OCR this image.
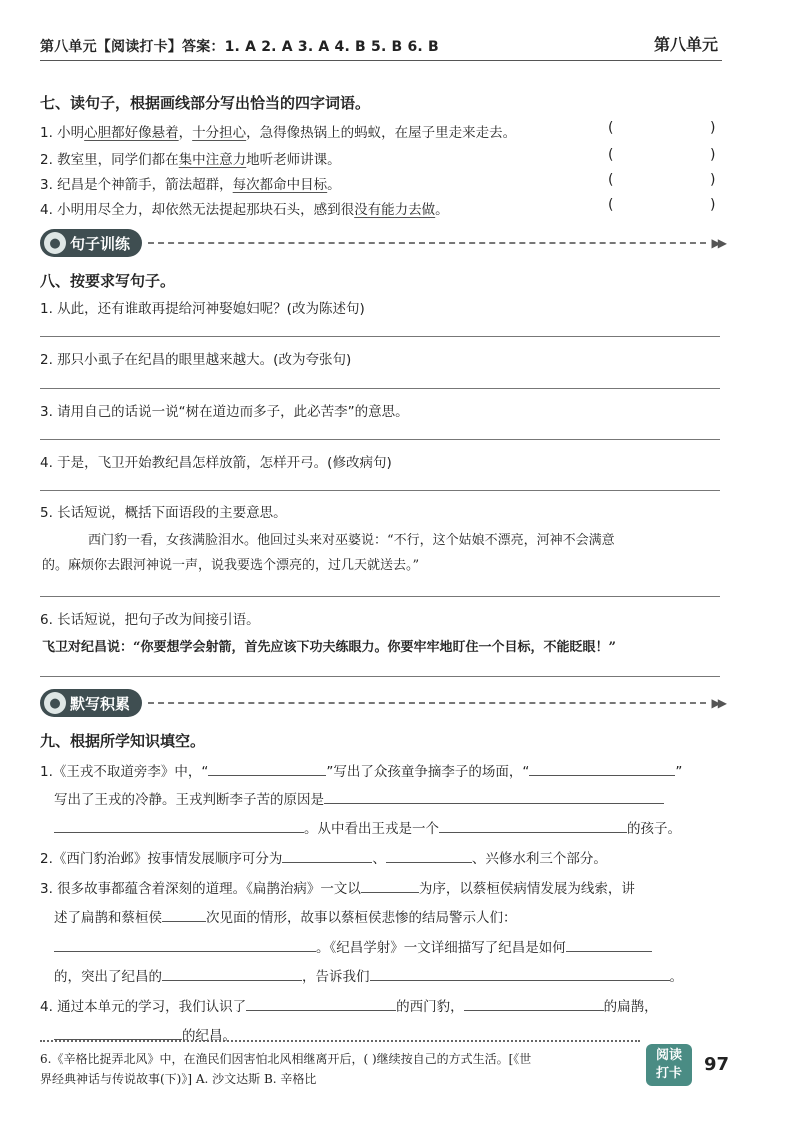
第八单元【阅读打卡】答案：1. A 2. A 3. A 4. B 5. B 6. B	第八单元
七、读句子，根据画线部分写出恰当的四字词语。
1. 小明心胆都好像悬着，十分担心，急得像热锅上的蚂蚁，在屋子里走来走去。
2. 教室里，同学们都在集中注意力地听老师讲课。
3. 纪昌是个神箭手，箭法超群，每次都命中目标。
4. 小明用尽全力，却依然无法提起那块石头，感到很没有能力去做。
(	)
(	)
(	)
(	)
● 句子训练	▶▶
八、按要求写句子。
1. 从此，还有谁敢再提给河神娶媳妇呢？(改为陈述句)
2. 那只小虱子在纪昌的眼里越来越大。(改为夸张句)
3. 请用自己的话说一说“树在道边而多子，此必苦李”的意思。
4. 于是，飞卫开始教纪昌怎样放箭，怎样开弓。(修改病句)
5. 长话短说，概括下面语段的主要意思。
西门豹一看，女孩满脸泪水。他回过头来对巫婆说：“不行，这个姑娘不漂亮，河神不会满意
的。麻烦你去跟河神说一声，说我要选个漂亮的，过几天就送去。”
6. 长话短说，把句子改为间接引语。
飞卫对纪昌说：“你要想学会射箭，首先应该下功夫练眼力。你要牢牢地盯住一个目标，不能眨眼！”
● 默写积累	▶▶
九、根据所学知识填空。
1.《王戎不取道旁李》中，“	”写出了众孩童争摘李子的场面，“	”
写出了王戎的冷静。王戎判断李子苦的原因是
。从中看出王戎是一个	的孩子。
2.《西门豹治邺》按事情发展顺序可分为	、	、兴修水利三个部分。
3. 很多故事都蕴含着深刻的道理。《扁鹊治病》一文以	为序，以蔡桓侯病情发展为线索，讲
述了扁鹊和蔡桓侯	次见面的情形，故事以蔡桓侯悲惨的结局警示人们：
。《纪昌学射》一文详细描写了纪昌是如何
的，突出了纪昌的	，告诉我们	。
4. 通过本单元的学习，我们认识了	的西门豹，	的扁鹊，
的纪昌。
6.《辛格比捉弄北风》中，在渔民们因害怕北风相继离开后，( )继续按自己的方式生活。[《世
界经典神话与传说故事(下)》] A. 沙文达斯 B. 辛格比
阅读
打卡	97
